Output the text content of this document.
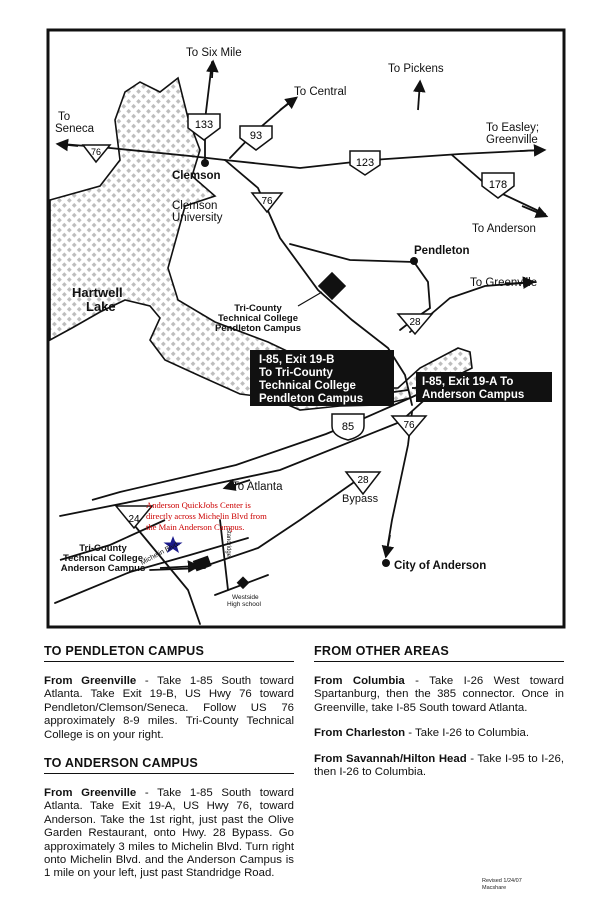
76
133
93
123
178
76
28
85	76
28
24
To Six Mile
To Central
To Pickens
To
Seneca	To Easley;
Greenville
To Anderson
To Greenville
To Atlanta
Clemson
Clemson
University
Pendleton
City of Anderson
Bypass
Hartwell
Lake
Westside
High school
Michelin Blvd.	Standridge
Tri-County
Technical College
Pendleton Campus
Tri-County
Technical College
Anderson Campus
Anderson QuickJobs Center is
directly across Michelin Blvd from
the Main Anderson Campus.
I-85, Exit 19-B
To Tri-County
Technical College
Pendleton Campus
I-85, Exit 19-A To
Anderson Campus
TO PENDLETON CAMPUS

From Greenville - Take 1-85 South toward Atlanta. Take Exit 19-B, US Hwy 76 toward Pendleton/Clemson/Seneca. Follow US 76 approximately 8-9 miles. Tri-County Technical College is on your right.

TO ANDERSON CAMPUS

From Greenville - Take 1-85 South toward Atlanta. Take Exit 19-A, US Hwy 76, toward Anderson. Take the 1st right, just past the Olive Garden Restaurant, onto Hwy. 28 Bypass. Go approximately 3 miles to Michelin Blvd. Turn right onto Michelin Blvd. and the Anderson Campus is 1 mile on your left, just past Standridge Road.

FROM OTHER AREAS

From Columbia - Take I-26 West toward Spartanburg, then the 385 connector. Once in Greenville, take I-85 South toward Atlanta.

From Charleston - Take I-26 to Columbia.

From Savannah/Hilton Head - Take I-95 to I-26, then I-26 to Columbia.

Revised 1/24/07
Macshare
